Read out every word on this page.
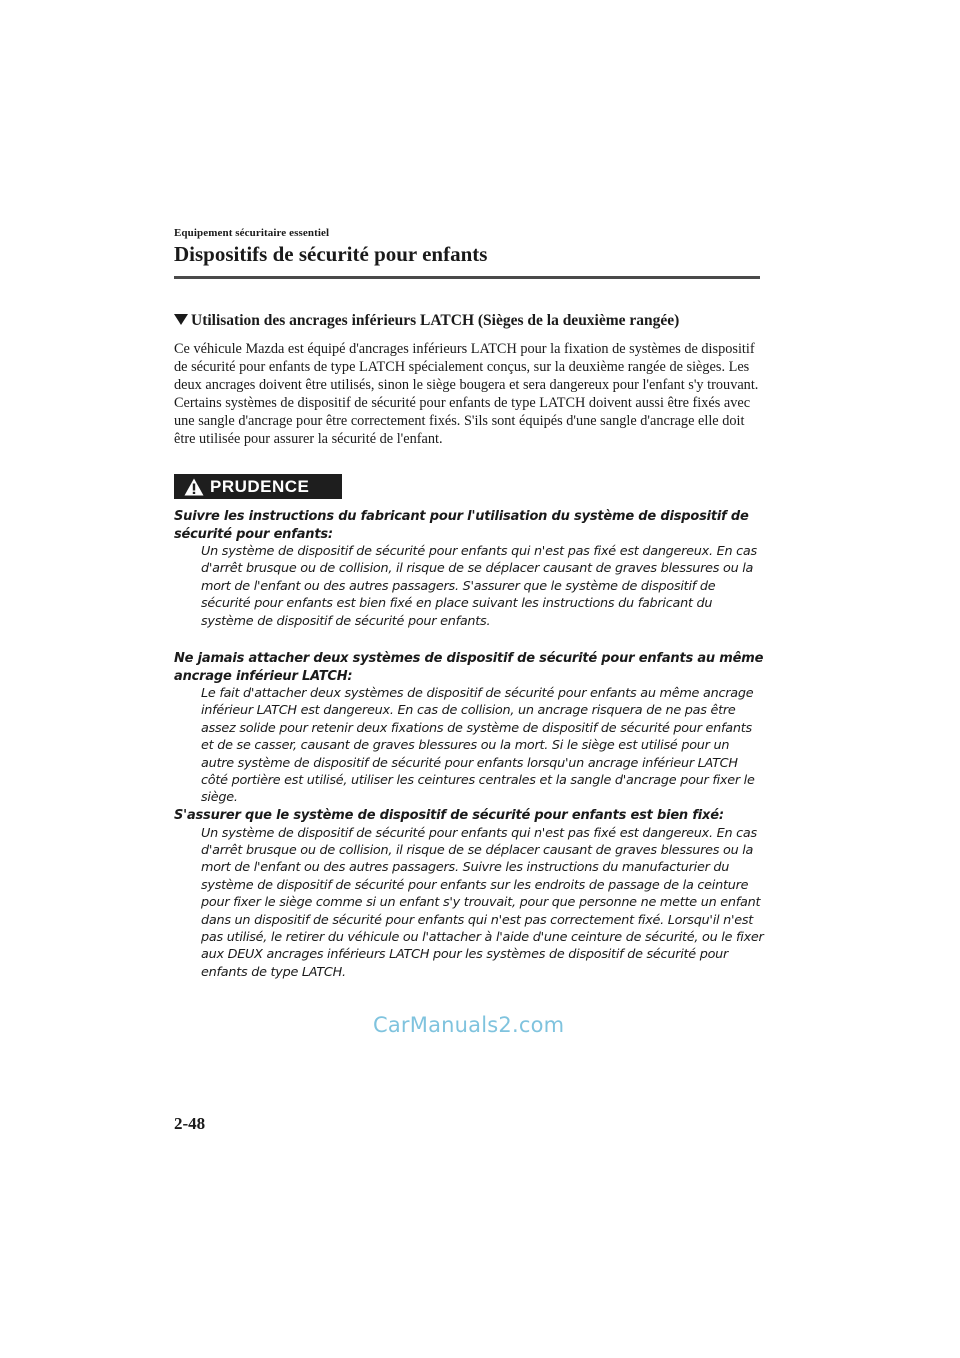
Equipement sécuritaire essentiel
Dispositifs de sécurité pour enfants
Utilisation des ancrages inférieurs LATCH (Sièges de la deuxième rangée)
Ce véhicule Mazda est équipé d'ancrages inférieurs LATCH pour la fixation de systèmes de dispositif de sécurité pour enfants de type LATCH spécialement conçus, sur la deuxième rangée de sièges. Les deux ancrages doivent être utilisés, sinon le siège bougera et sera dangereux pour l'enfant s'y trouvant. Certains systèmes de dispositif de sécurité pour enfants de type LATCH doivent aussi être fixés avec une sangle d'ancrage pour être correctement fixés. S'ils sont équipés d'une sangle d'ancrage elle doit être utilisée pour assurer la sécurité de l'enfant.
PRUDENCE
Suivre les instructions du fabricant pour l'utilisation du système de dispositif de sécurité pour enfants:
Un système de dispositif de sécurité pour enfants qui n'est pas fixé est dangereux. En cas d'arrêt brusque ou de collision, il risque de se déplacer causant de graves blessures ou la mort de l'enfant ou des autres passagers. S'assurer que le système de dispositif de sécurité pour enfants est bien fixé en place suivant les instructions du fabricant du système de dispositif de sécurité pour enfants.
Ne jamais attacher deux systèmes de dispositif de sécurité pour enfants au même ancrage inférieur LATCH:
Le fait d'attacher deux systèmes de dispositif de sécurité pour enfants au même ancrage inférieur LATCH est dangereux. En cas de collision, un ancrage risquera de ne pas être assez solide pour retenir deux fixations de système de dispositif de sécurité pour enfants et de se casser, causant de graves blessures ou la mort. Si le siège est utilisé pour un autre système de dispositif de sécurité pour enfants lorsqu'un ancrage inférieur LATCH côté portière est utilisé, utiliser les ceintures centrales et la sangle d'ancrage pour fixer le siège.
S'assurer que le système de dispositif de sécurité pour enfants est bien fixé:
Un système de dispositif de sécurité pour enfants qui n'est pas fixé est dangereux. En cas d'arrêt brusque ou de collision, il risque de se déplacer causant de graves blessures ou la mort de l'enfant ou des autres passagers. Suivre les instructions du manufacturier du système de dispositif de sécurité pour enfants sur les endroits de passage de la ceinture pour fixer le siège comme si un enfant s'y trouvait, pour que personne ne mette un enfant dans un dispositif de sécurité pour enfants qui n'est pas correctement fixé. Lorsqu'il n'est pas utilisé, le retirer du véhicule ou l'attacher à l'aide d'une ceinture de sécurité, ou le fixer aux DEUX ancrages inférieurs LATCH pour les systèmes de dispositif de sécurité pour enfants de type LATCH.
CarManuals2.com
2-48
